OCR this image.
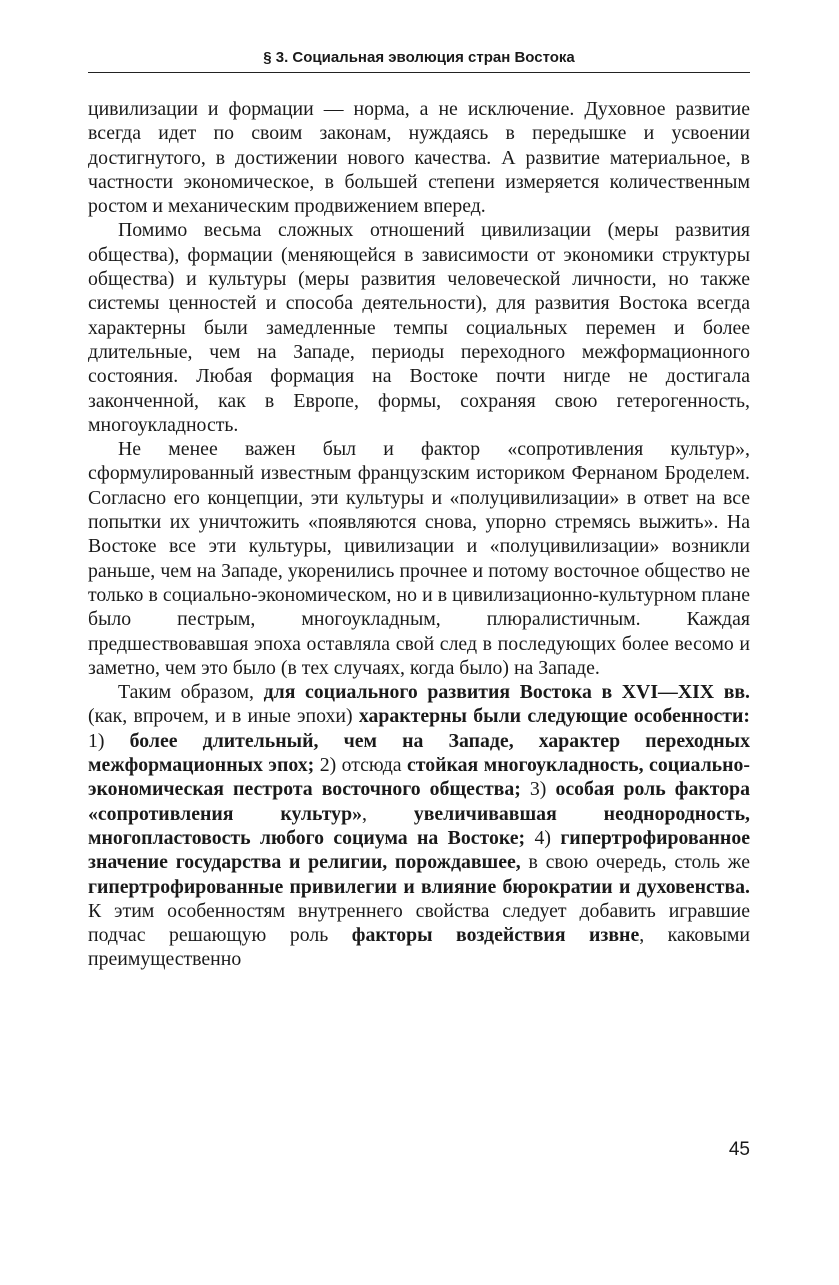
§ 3. Социальная эволюция стран Востока

цивилизации и формации — норма, а не исключение. Духовное развитие всегда идет по своим законам, нуждаясь в передышке и усвоении достигнутого, в достижении нового качества. А развитие материальное, в частности экономическое, в большей степени измеряется количественным ростом и механическим продвижением вперед.

Помимо весьма сложных отношений цивилизации (меры развития общества), формации (меняющейся в зависимости от экономики структуры общества) и культуры (меры развития человеческой личности, но также системы ценностей и способа деятельности), для развития Востока всегда характерны были замедленные темпы социальных перемен и более длительные, чем на Западе, периоды переходного межформационного состояния. Любая формация на Востоке почти нигде не достигала законченной, как в Европе, формы, сохраняя свою гетерогенность, многоукладность.

Не менее важен был и фактор «сопротивления культур», сформулированный известным французским историком Фернаном Броделем. Согласно его концепции, эти культуры и «полуцивилизации» в ответ на все попытки их уничтожить «появляются снова, упорно стремясь выжить». На Востоке все эти культуры, цивилизации и «полуцивилизации» возникли раньше, чем на Западе, укоренились прочнее и потому восточное общество не только в социально-экономическом, но и в цивилизационно-культурном плане было пестрым, многоукладным, плюралистичным. Каждая предшествовавшая эпоха оставляла свой след в последующих более весомо и заметно, чем это было (в тех случаях, когда было) на Западе.

Таким образом, для социального развития Востока в XVI—XIX вв. (как, впрочем, и в иные эпохи) характерны были следующие особенности: 1) более длительный, чем на Западе, характер переходных межформационных эпох; 2) отсюда стойкая многоукладность, социально-экономическая пестрота восточного общества; 3) особая роль фактора «сопротивления культур», увеличивавшая неоднородность, многопластовость любого социума на Востоке; 4) гипертрофированное значение государства и религии, порождавшее, в свою очередь, столь же гипертрофированные привилегии и влияние бюрократии и духовенства. К этим особенностям внутреннего свойства следует добавить игравшие подчас решающую роль факторы воздействия извне, каковыми преимущественно

45
